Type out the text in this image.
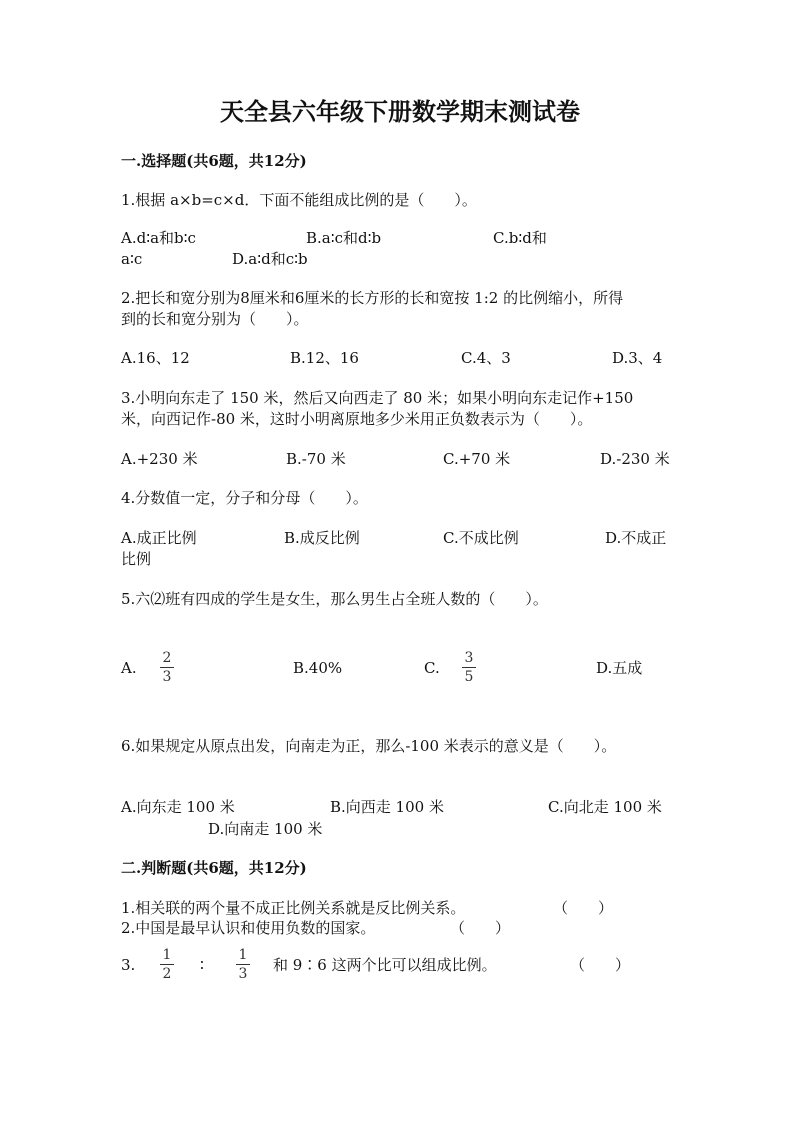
天全县六年级下册数学期末测试卷
一.选择题(共6题，共12分)
1.根据 a×b=c×d．下面不能组成比例的是（　　）。
A.d∶a和b∶c	B.a∶c和d∶b	C.b∶d和
a∶c	D.a∶d和c∶b
2.把长和宽分别为8厘米和6厘米的长方形的长和宽按 1:2 的比例缩小，所得
到的长和宽分别为（　　）。
A.16、12	B.12、16	C.4、3	D.3、4
3.小明向东走了 150 米，然后又向西走了 80 米；如果小明向东走记作+150
米，向西记作-80 米，这时小明离原地多少米用正负数表示为（　　）。
A.+230 米	B.-70 米	C.+70 米	D.-230 米
4.分数值一定，分子和分母（　　）。
A.成正比例	B.成反比例	C.不成比例	D.不成正
比例
5.六⑵班有四成的学生是女生，那么男生占全班人数的（　　）。
A.
2
3	B.40%	C.
3
5	D.五成
6.如果规定从原点出发，向南走为正，那么-100 米表示的意义是（　　）。
A.向东走 100 米	B.向西走 100 米	C.向北走 100 米
D.向南走 100 米
二.判断题(共6题，共12分)
1.相关联的两个量不成正比例关系就是反比例关系。	（　　）
2.中国是最早认识和使用负数的国家。	（　　）
3.
1
2 ∶
1
3 和 9∶6 这两个比可以组成比例。	（　　）
